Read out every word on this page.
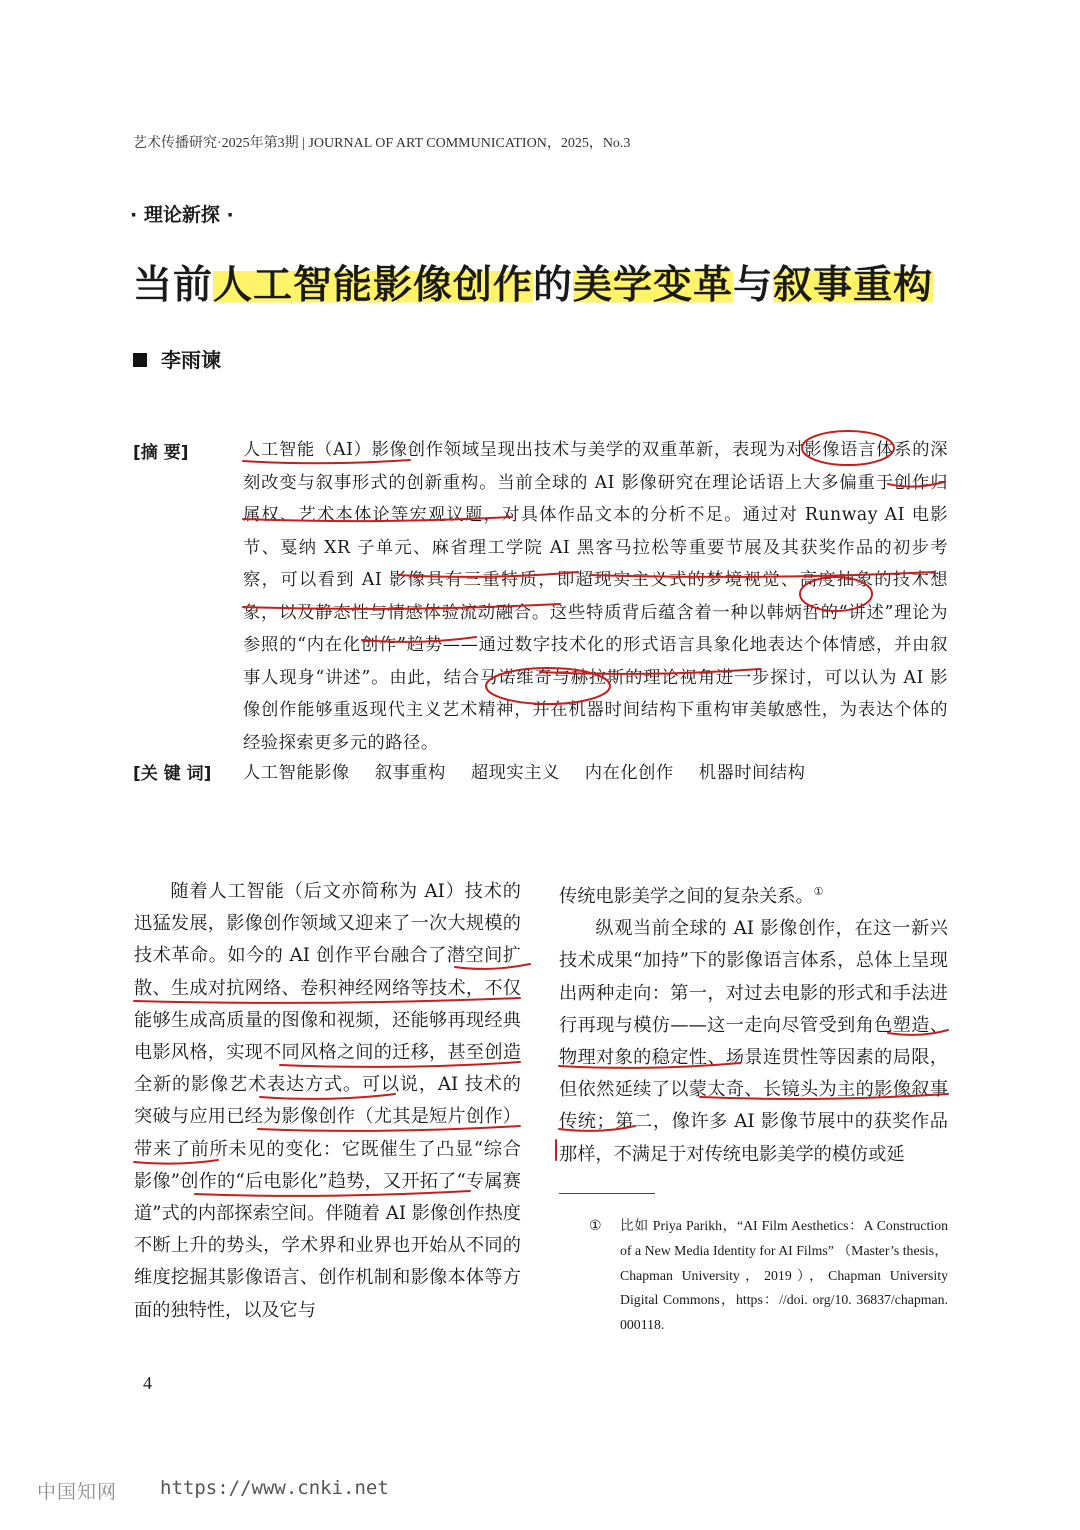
艺术传播研究·2025年第3期 | JOURNAL OF ART COMMUNICATION，2025，No.3
· 理论新探 ·
当前人工智能影像创作的美学变革与叙事重构
李雨谏
[摘 要]	人工智能（AI）影像创作领域呈现出技术与美学的双重革新，表现为对影像语言体系的深刻改变与叙事形式的创新重构。当前全球的 AI 影像研究在理论话语上大多偏重于创作归属权、艺术本体论等宏观议题，对具体作品文本的分析不足。通过对 Runway AI 电影节、戛纳 XR 子单元、麻省理工学院 AI 黑客马拉松等重要节展及其获奖作品的初步考察，可以看到 AI 影像具有三重特质，即超现实主义式的梦境视觉、高度抽象的技术想象，以及静态性与情感体验流动融合。这些特质背后蕴含着一种以韩炳哲的“讲述”理论为参照的“内在化创作”趋势——通过数字技术化的形式语言具象化地表达个体情感，并由叙事人现身“讲述”。由此，结合马诺维奇与赫拉斯的理论视角进一步探讨，可以认为 AI 影像创作能够重返现代主义艺术精神，并在机器时间结构下重构审美敏感性，为表达个体的经验探索更多元的路径。
[关 键 词] 人工智能影像 叙事重构 超现实主义 内在化创作 机器时间结构

随着人工智能（后文亦简称为 AI）技术的迅猛发展，影像创作领域又迎来了一次大规模的技术革命。如今的 AI 创作平台融合了潜空间扩散、生成对抗网络、卷积神经网络等技术，不仅能够生成高质量的图像和视频，还能够再现经典电影风格，实现不同风格之间的迁移，甚至创造全新的影像艺术表达方式。可以说，AI 技术的突破与应用已经为影像创作（尤其是短片创作）带来了前所未见的变化：它既催生了凸显“综合影像”创作的“后电影化”趋势，又开拓了“专属赛道”式的内部探索空间。伴随着 AI 影像创作热度不断上升的势头，学术界和业界也开始从不同的维度挖掘其影像语言、创作机制和影像本体等方面的独特性，以及它与

传统电影美学之间的复杂关系。①

纵观当前全球的 AI 影像创作，在这一新兴技术成果“加持”下的影像语言体系，总体上呈现出两种走向：第一，对过去电影的形式和手法进行再现与模仿——这一走向尽管受到角色塑造、物理对象的稳定性、场景连贯性等因素的局限，但依然延续了以蒙太奇、长镜头为主的影像叙事传统；第二，像许多 AI 影像节展中的获奖作品那样，不满足于对传统电影美学的模仿或延

①	比如 Priya Parikh，“AI Film Aesthetics：A Construction of a New Media Identity for AI Films” （Master’s thesis，Chapman University，2019），Chapman University Digital Commons，https：//doi. org/10. 36837/chapman. 000118.
4
中国知网 https://www.cnki.net
